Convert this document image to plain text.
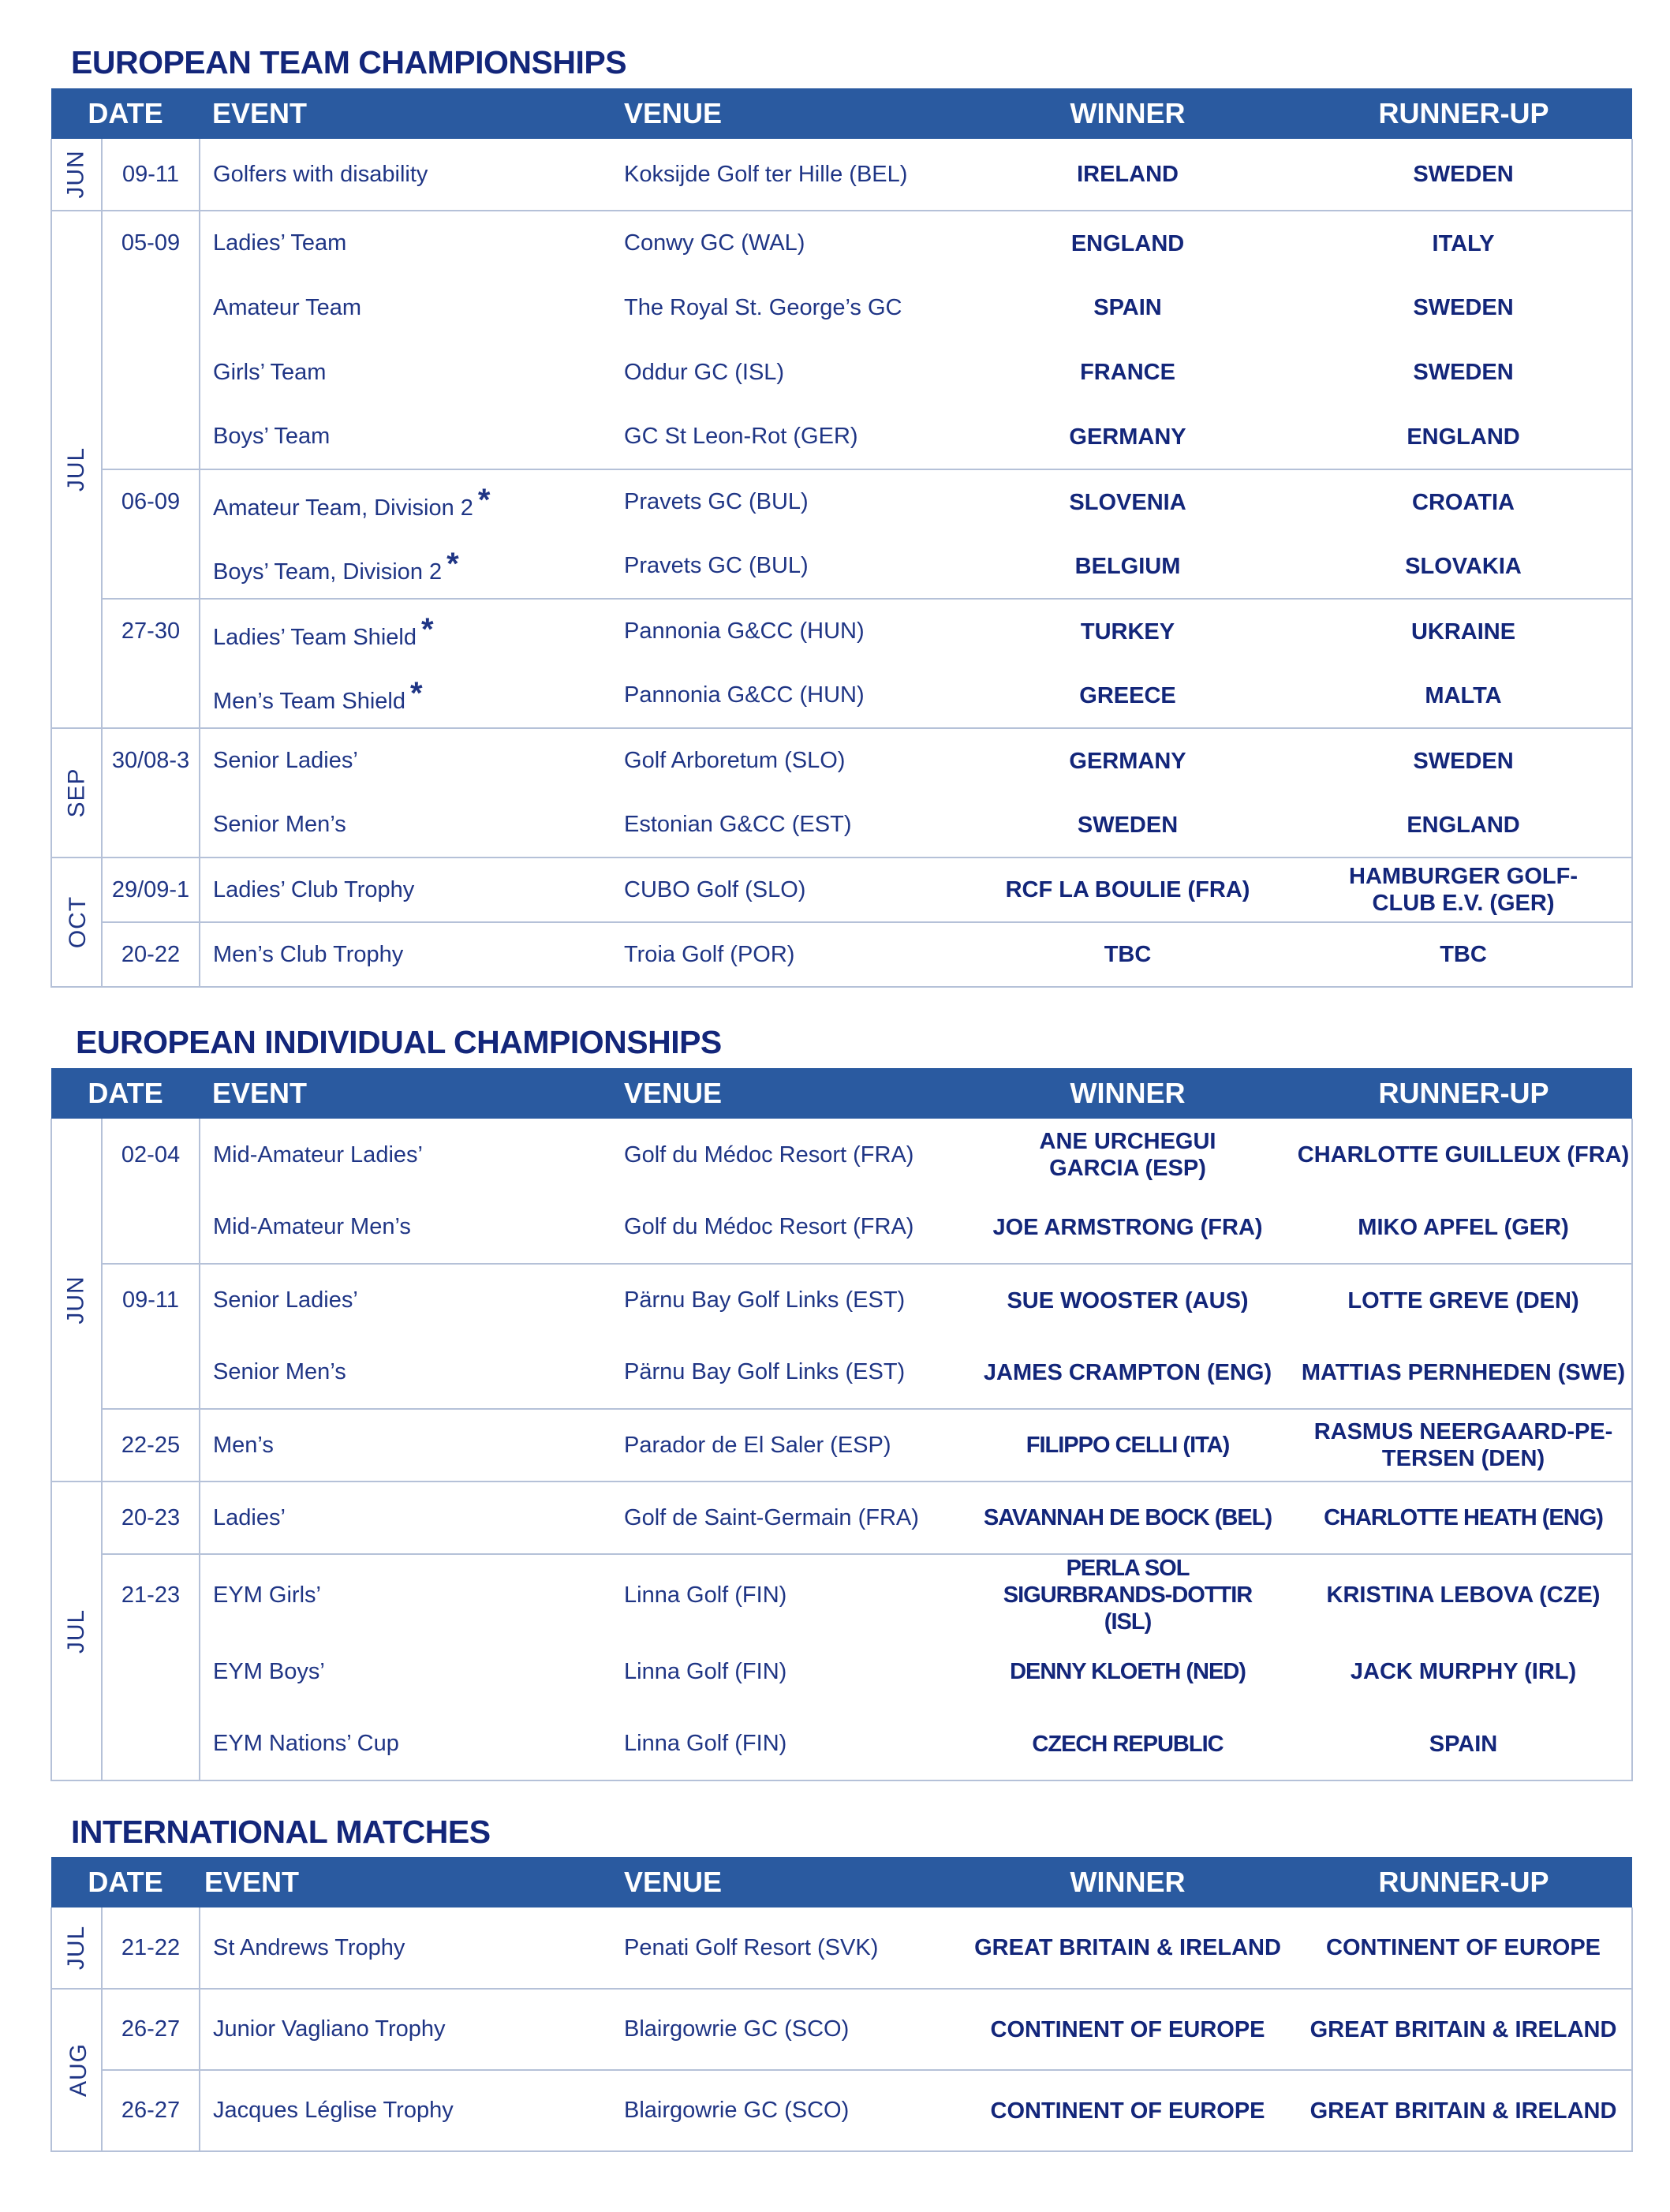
EUROPEAN TEAM CHAMPIONSHIPS
DATE		EVENT	VENUE	WINNER	RUNNER-UP
JUN	09-11	Golfers with disability	Koksijde Golf ter Hille (BEL)	IRELAND	SWEDEN
JUL	05-09	Ladies’ Team	Conwy GC (WAL)	ENGLAND	ITALY
		Amateur Team	The Royal St. George’s GC	SPAIN	SWEDEN
		Girls’ Team	Oddur GC (ISL)	FRANCE	SWEDEN
		Boys’ Team	GC St Leon-Rot (GER)	GERMANY	ENGLAND
	06-09	Amateur Team, Division 2 *	Pravets GC (BUL)	SLOVENIA	CROATIA
		Boys’ Team, Division 2 *	Pravets GC (BUL)	BELGIUM	SLOVAKIA
	27-30	Ladies’ Team Shield *	Pannonia G&CC (HUN)	TURKEY	UKRAINE
		Men’s Team Shield *	Pannonia G&CC (HUN)	GREECE	MALTA
SEP	30/08-3	Senior Ladies’	Golf Arboretum (SLO)	GERMANY	SWEDEN
		Senior Men’s	Estonian G&CC (EST)	SWEDEN	ENGLAND
OCT	29/09-1	Ladies’ Club Trophy	CUBO Golf (SLO)	RCF LA BOULIE (FRA)	HAMBURGER GOLF-CLUB E.V. (GER)
	20-22	Men’s Club Trophy	Troia Golf (POR)	TBC	TBC
EUROPEAN INDIVIDUAL CHAMPIONSHIPS
DATE		EVENT	VENUE	WINNER	RUNNER-UP
JUN	02-04	Mid-Amateur Ladies’	Golf du Médoc Resort (FRA)	ANE URCHEGUI GARCIA (ESP)	CHARLOTTE GUILLEUX (FRA)
		Mid-Amateur Men’s	Golf du Médoc Resort (FRA)	JOE ARMSTRONG (FRA)	MIKO APFEL (GER)
	09-11	Senior Ladies’	Pärnu Bay Golf Links (EST)	SUE WOOSTER (AUS)	LOTTE GREVE (DEN)
		Senior Men’s	Pärnu Bay Golf Links (EST)	JAMES CRAMPTON (ENG)	MATTIAS PERNHEDEN (SWE)
	22-25	Men’s	Parador de El Saler (ESP)	FILIPPO CELLI (ITA)	RASMUS NEERGAARD-PE-TERSEN (DEN)
JUL	20-23	Ladies’	Golf de Saint-Germain (FRA)	SAVANNAH DE BOCK (BEL)	CHARLOTTE HEATH (ENG)
	21-23	EYM Girls’	Linna Golf (FIN)	PERLA SOL SIGURBRANDS-DOTTIR (ISL)	KRISTINA LEBOVA (CZE)
		EYM Boys’	Linna Golf (FIN)	DENNY KLOETH (NED)	JACK MURPHY (IRL)
		EYM Nations’ Cup	Linna Golf (FIN)	CZECH REPUBLIC	SPAIN
INTERNATIONAL MATCHES
DATE		EVENT	VENUE	WINNER	RUNNER-UP
JUL	21-22	St Andrews Trophy	Penati Golf Resort (SVK)	GREAT BRITAIN & IRELAND	CONTINENT OF EUROPE
AUG	26-27	Junior Vagliano Trophy	Blairgowrie GC (SCO)	CONTINENT OF EUROPE	GREAT BRITAIN & IRELAND
	26-27	Jacques Léglise Trophy	Blairgowrie GC (SCO)	CONTINENT OF EUROPE	GREAT BRITAIN & IRELAND
